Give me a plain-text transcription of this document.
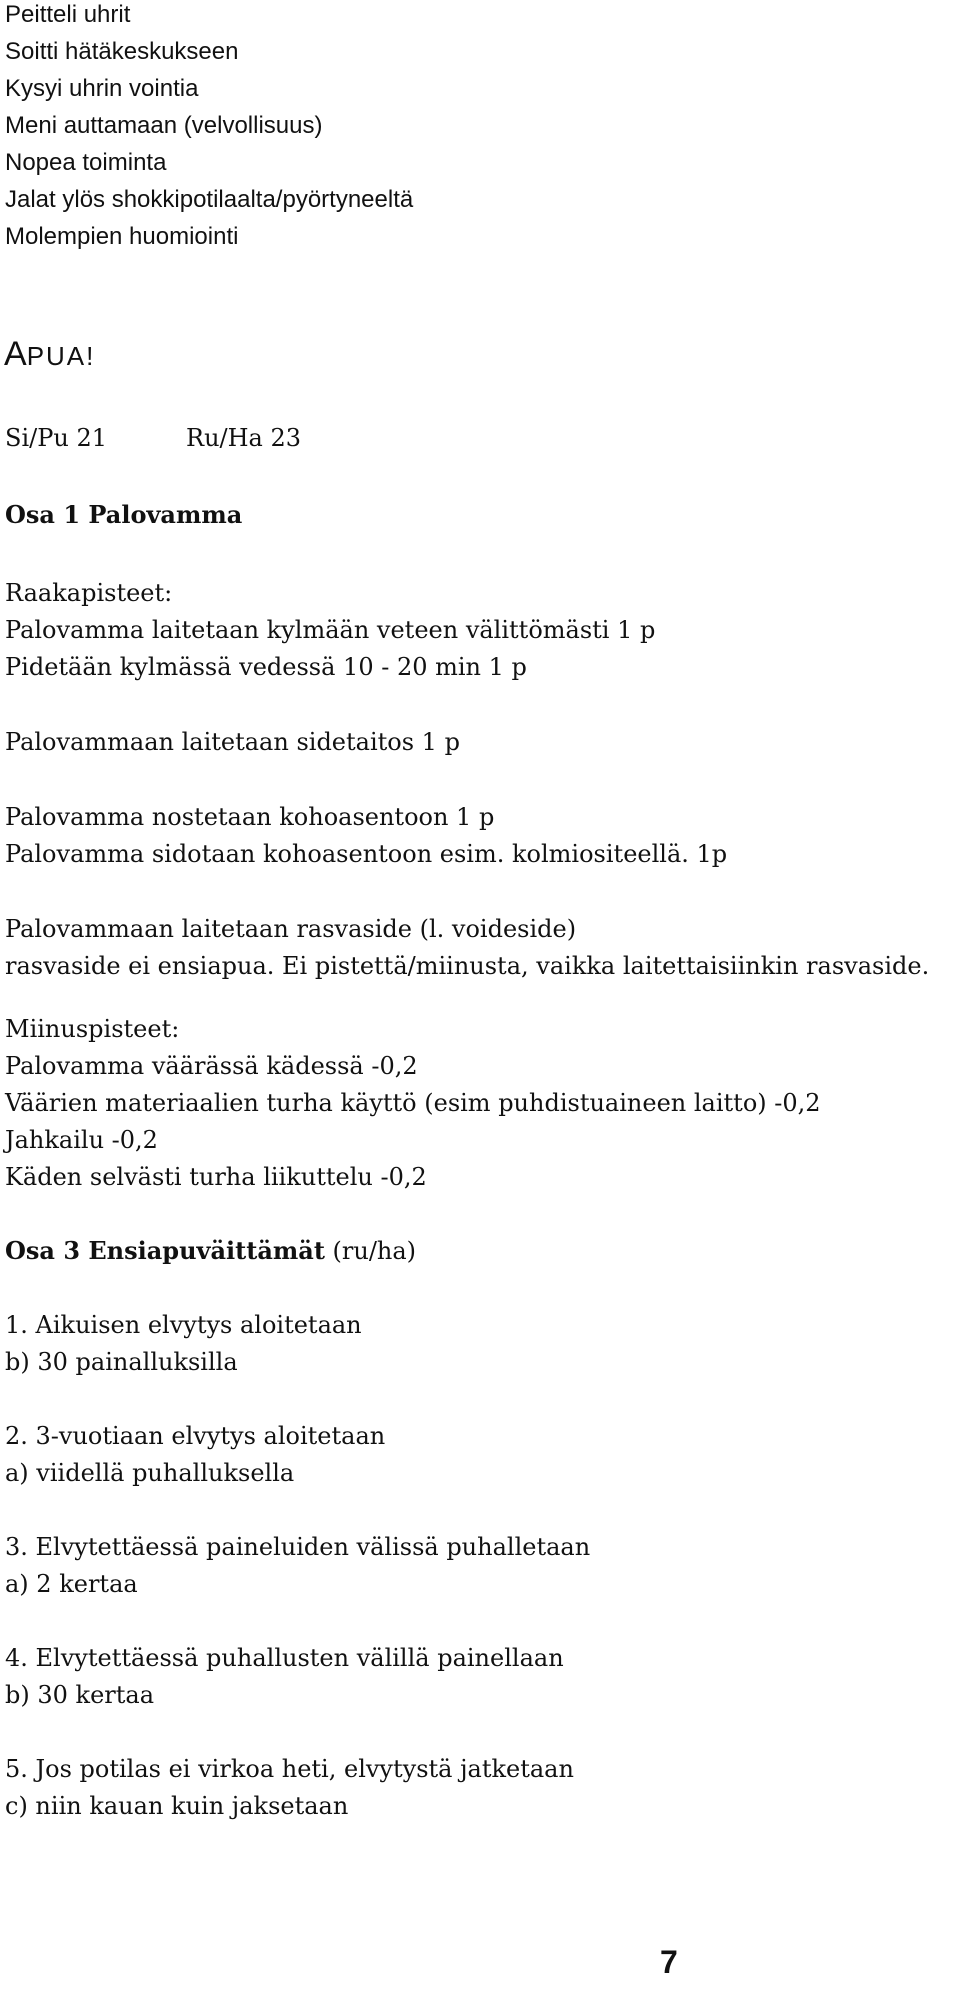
Peitteli uhrit
Soitti hätäkeskukseen
Kysyi uhrin vointia
Meni auttamaan (velvollisuus)
Nopea toiminta
Jalat ylös shokkipotilaalta/pyörtyneeltä
Molempien huomiointi
APUA!
Si/Pu 21	Ru/Ha 23
Osa 1 Palovamma
Raakapisteet:
Palovamma laitetaan kylmään veteen välittömästi 1 p
Pidetään kylmässä vedessä 10 - 20 min 1 p
Palovammaan laitetaan sidetaitos 1 p
Palovamma nostetaan kohoasentoon 1 p
Palovamma sidotaan kohoasentoon esim. kolmiositeellä. 1p
Palovammaan laitetaan rasvaside (l. voideside)
rasvaside ei ensiapua. Ei pistettä/miinusta, vaikka laitettaisiinkin rasvaside.
Miinuspisteet:
Palovamma väärässä kädessä -0,2
Väärien materiaalien turha käyttö (esim puhdistuaineen laitto) -0,2
Jahkailu -0,2
Käden selvästi turha liikuttelu -0,2
Osa 3 Ensiapuväittämät (ru/ha)
1. Aikuisen elvytys aloitetaan
b) 30 painalluksilla
2. 3-vuotiaan elvytys aloitetaan
a) viidellä puhalluksella
3. Elvytettäessä paineluiden välissä puhalletaan
a) 2 kertaa
4. Elvytettäessä puhallusten välillä painellaan
b) 30 kertaa
5. Jos potilas ei virkoa heti, elvytystä jatketaan
c) niin kauan kuin jaksetaan
7
